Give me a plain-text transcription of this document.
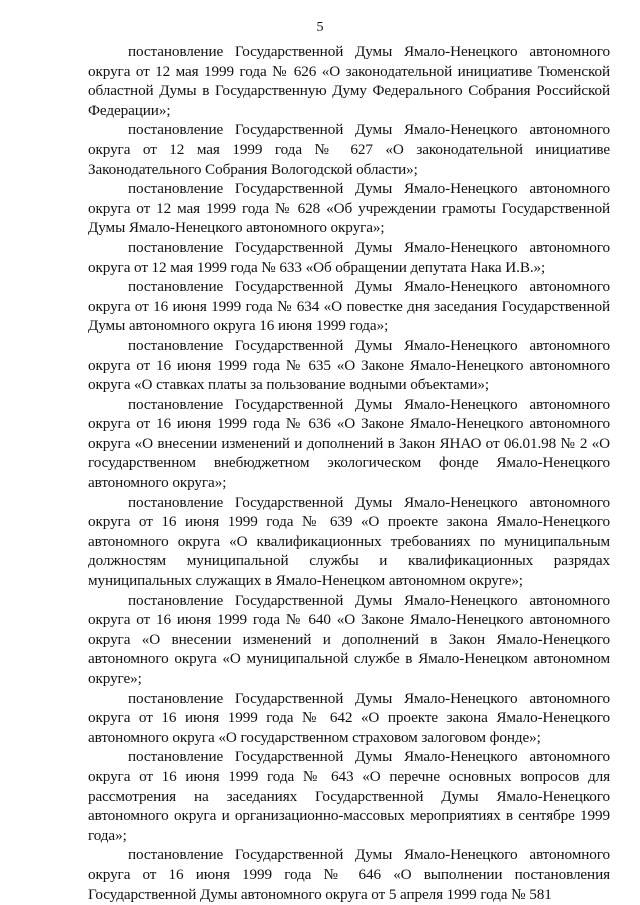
5

постановление Государственной Думы Ямало-Ненецкого автономного округа от 12 мая 1999 года № 626 «О законодательной инициативе Тюменской областной Думы в Государственную Думу Федерального Собрания Российской Федерации»;

постановление Государственной Думы Ямало-Ненецкого автономного округа от 12 мая 1999 года № 627 «О законодательной инициативе Законодательного Собрания Вологодской области»;

постановление Государственной Думы Ямало-Ненецкого автономного округа от 12 мая 1999 года № 628 «Об учреждении грамоты Государственной Думы Ямало-Ненецкого автономного округа»;

постановление Государственной Думы Ямало-Ненецкого автономного округа от 12 мая 1999 года № 633 «Об обращении депутата Нака И.В.»;

постановление Государственной Думы Ямало-Ненецкого автономного округа от 16 июня 1999 года № 634 «О повестке дня заседания Государственной Думы автономного округа 16 июня 1999 года»;

постановление Государственной Думы Ямало-Ненецкого автономного округа от 16 июня 1999 года № 635 «О Законе Ямало-Ненецкого автономного округа «О ставках платы за пользование водными объектами»;

постановление Государственной Думы Ямало-Ненецкого автономного округа от 16 июня 1999 года № 636 «О Законе Ямало-Ненецкого автономного округа «О внесении изменений и дополнений в Закон ЯНАО от 06.01.98 № 2 «О государственном внебюджетном экологическом фонде Ямало-Ненецкого автономного округа»;

постановление Государственной Думы Ямало-Ненецкого автономного округа от 16 июня 1999 года № 639 «О проекте закона Ямало-Ненецкого автономного округа «О квалификационных требованиях по муниципальным должностям муниципальной службы и квалификационных разрядах муниципальных служащих в Ямало-Ненецком автономном округе»;

постановление Государственной Думы Ямало-Ненецкого автономного округа от 16 июня 1999 года № 640 «О Законе Ямало-Ненецкого автономного округа «О внесении изменений и дополнений в Закон Ямало-Ненецкого автономного округа «О муниципальной службе в Ямало-Ненецком автономном округе»;

постановление Государственной Думы Ямало-Ненецкого автономного округа от 16 июня 1999 года № 642 «О проекте закона Ямало-Ненецкого автономного округа «О государственном страховом залоговом фонде»;

постановление Государственной Думы Ямало-Ненецкого автономного округа от 16 июня 1999 года № 643 «О перечне основных вопросов для рассмотрения на заседаниях Государственной Думы Ямало-Ненецкого автономного округа и организационно-массовых мероприятиях в сентябре 1999 года»;

постановление Государственной Думы Ямало-Ненецкого автономного округа от 16 июня 1999 года № 646 «О выполнении постановления Государственной Думы автономного округа от 5 апреля 1999 года № 581
